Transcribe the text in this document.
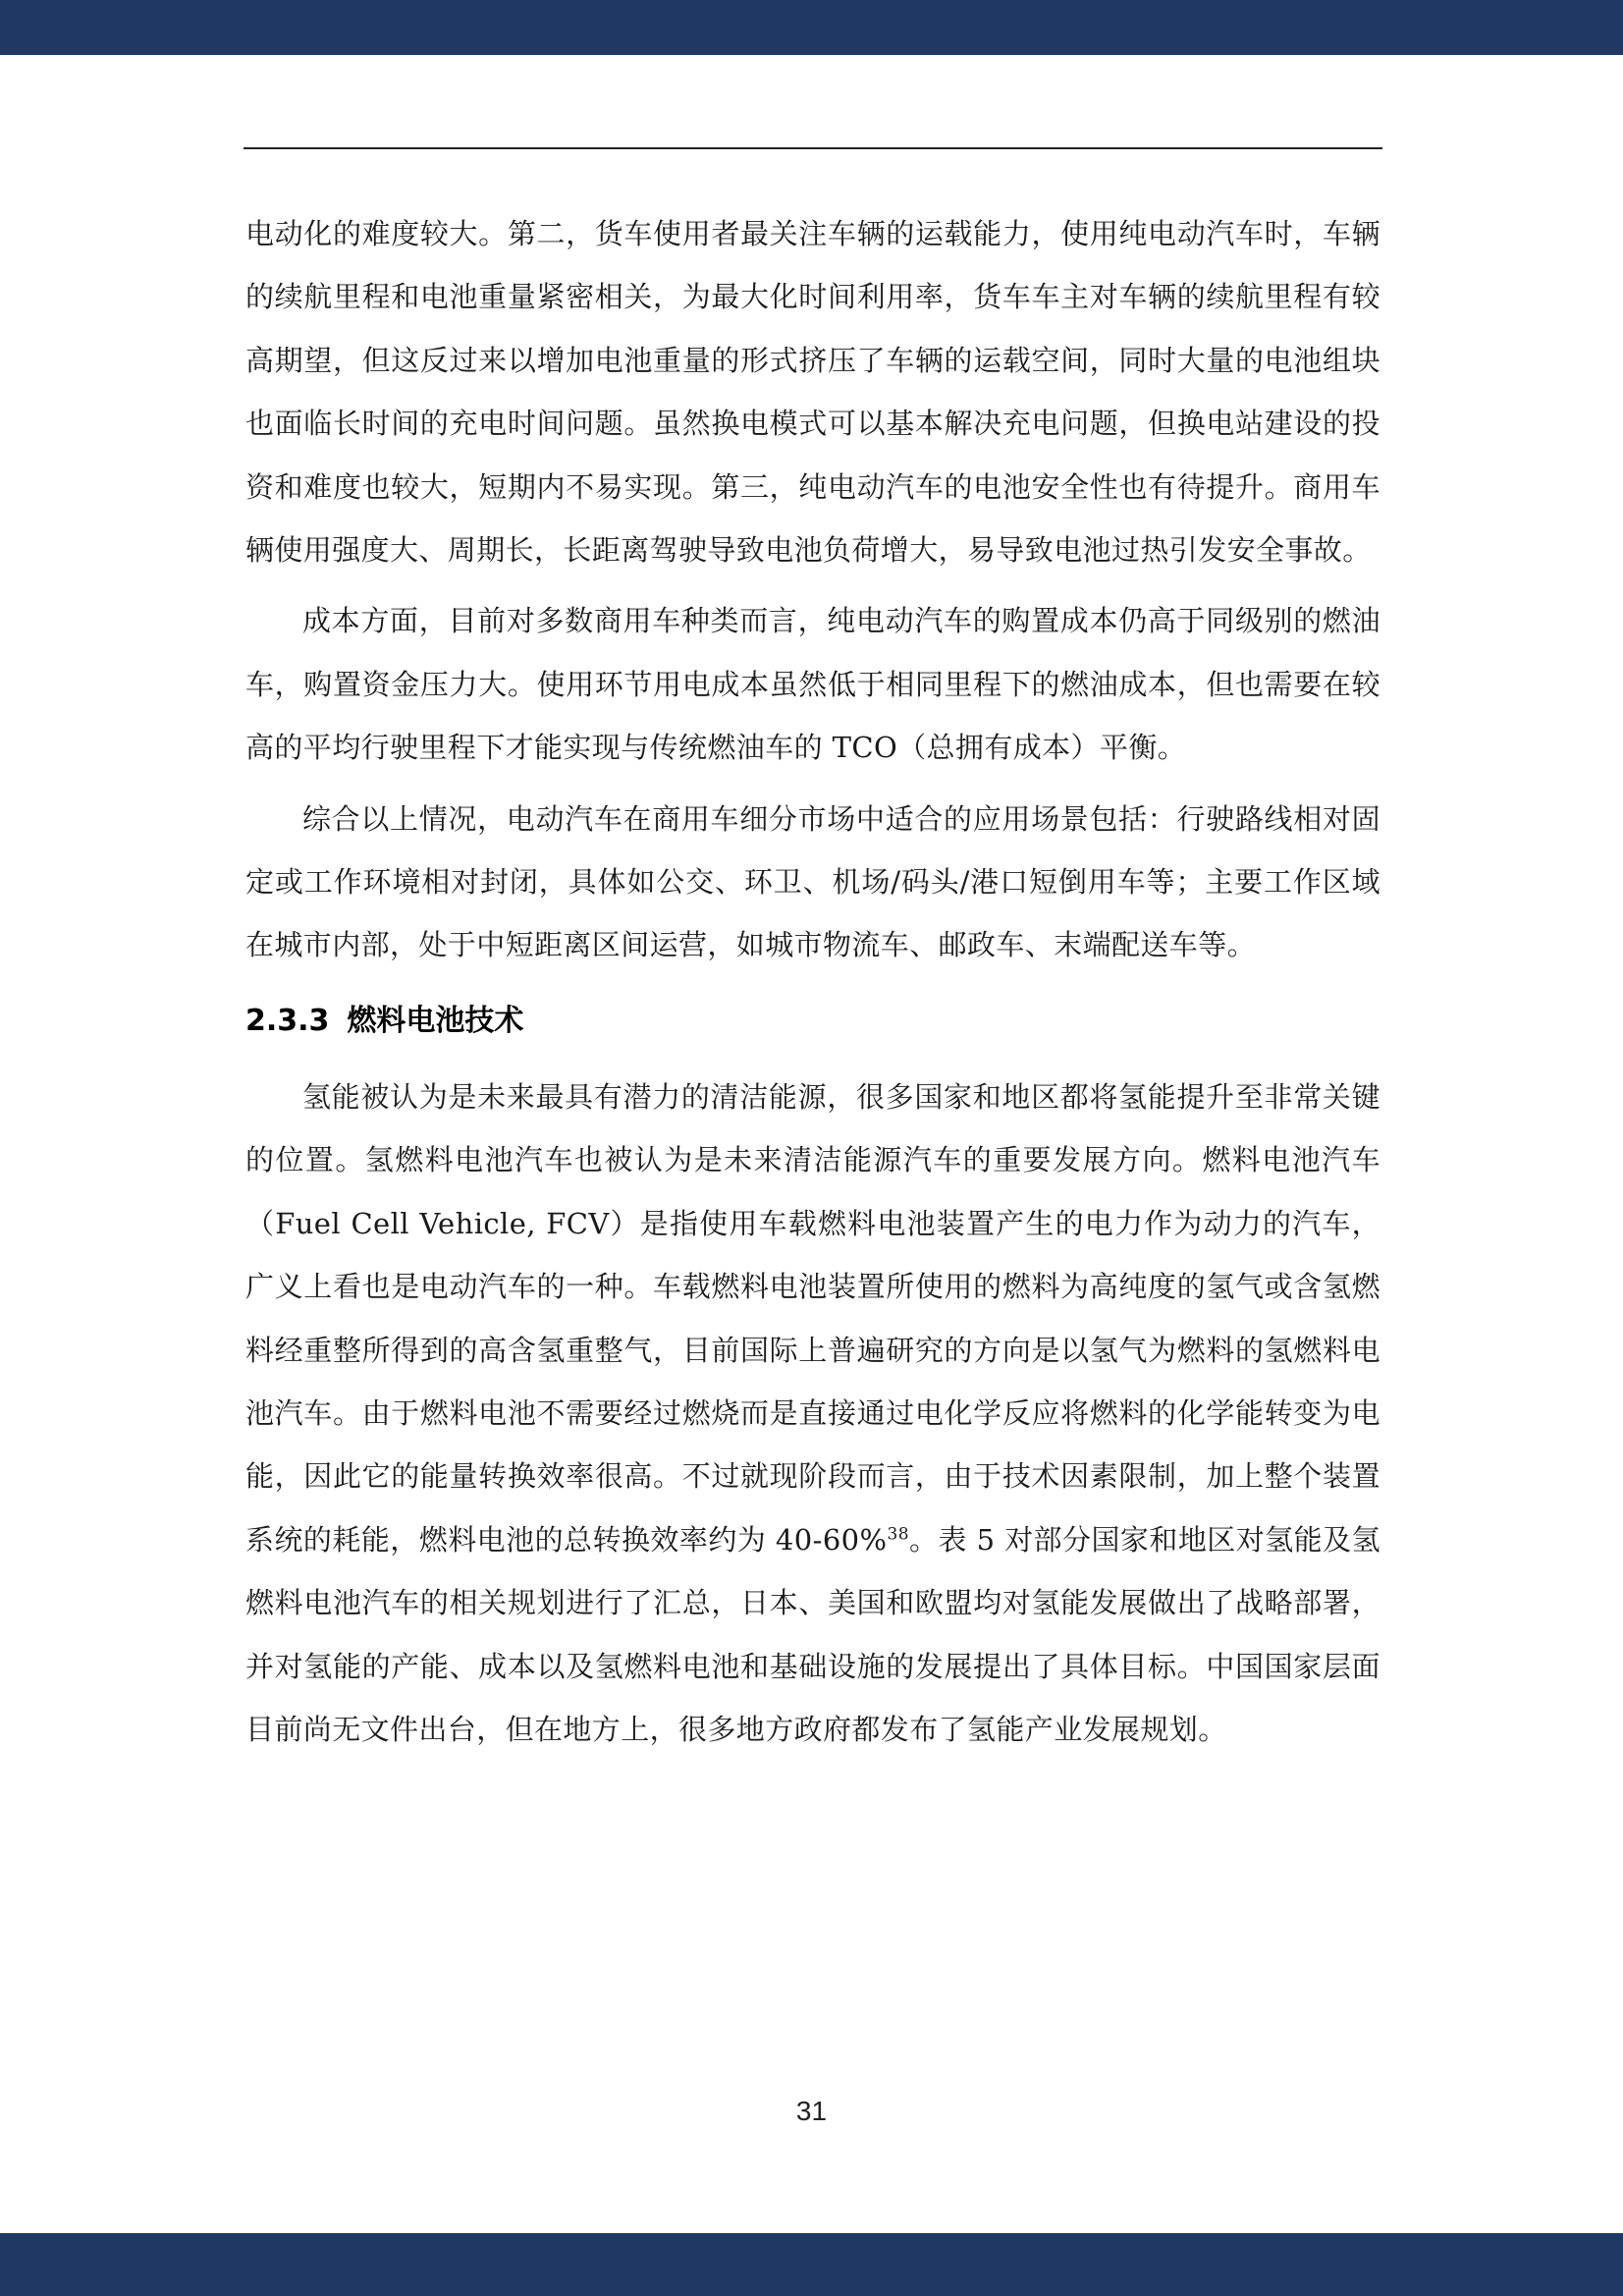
电动化的难度较大。第二，货车使用者最关注车辆的运载能力，使用纯电动汽车时，车辆的续航里程和电池重量紧密相关，为最大化时间利用率，货车车主对车辆的续航里程有较高期望，但这反过来以增加电池重量的形式挤压了车辆的运载空间，同时大量的电池组块也面临长时间的充电时间问题。虽然换电模式可以基本解决充电问题，但换电站建设的投资和难度也较大，短期内不易实现。第三，纯电动汽车的电池安全性也有待提升。商用车辆使用强度大、周期长，长距离驾驶导致电池负荷增大，易导致电池过热引发安全事故。

成本方面，目前对多数商用车种类而言，纯电动汽车的购置成本仍高于同级别的燃油车，购置资金压力大。使用环节用电成本虽然低于相同里程下的燃油成本，但也需要在较高的平均行驶里程下才能实现与传统燃油车的 TCO（总拥有成本）平衡。

综合以上情况，电动汽车在商用车细分市场中适合的应用场景包括：行驶路线相对固定或工作环境相对封闭，具体如公交、环卫、机场/码头/港口短倒用车等；主要工作区域在城市内部，处于中短距离区间运营，如城市物流车、邮政车、末端配送车等。

2.3.3 燃料电池技术

氢能被认为是未来最具有潜力的清洁能源，很多国家和地区都将氢能提升至非常关键的位置。氢燃料电池汽车也被认为是未来清洁能源汽车的重要发展方向。燃料电池汽车（Fuel Cell Vehicle, FCV）是指使用车载燃料电池装置产生的电力作为动力的汽车，广义上看也是电动汽车的一种。车载燃料电池装置所使用的燃料为高纯度的氢气或含氢燃料经重整所得到的高含氢重整气，目前国际上普遍研究的方向是以氢气为燃料的氢燃料电池汽车。由于燃料电池不需要经过燃烧而是直接通过电化学反应将燃料的化学能转变为电能，因此它的能量转换效率很高。不过就现阶段而言，由于技术因素限制，加上整个装置系统的耗能，燃料电池的总转换效率约为 40-60%$^{38}$。表 5 对部分国家和地区对氢能及氢燃料电池汽车的相关规划进行了汇总，日本、美国和欧盟均对氢能发展做出了战略部署，并对氢能的产能、成本以及氢燃料电池和基础设施的发展提出了具体目标。中国国家层面目前尚无文件出台，但在地方上，很多地方政府都发布了氢能产业发展规划。

31
